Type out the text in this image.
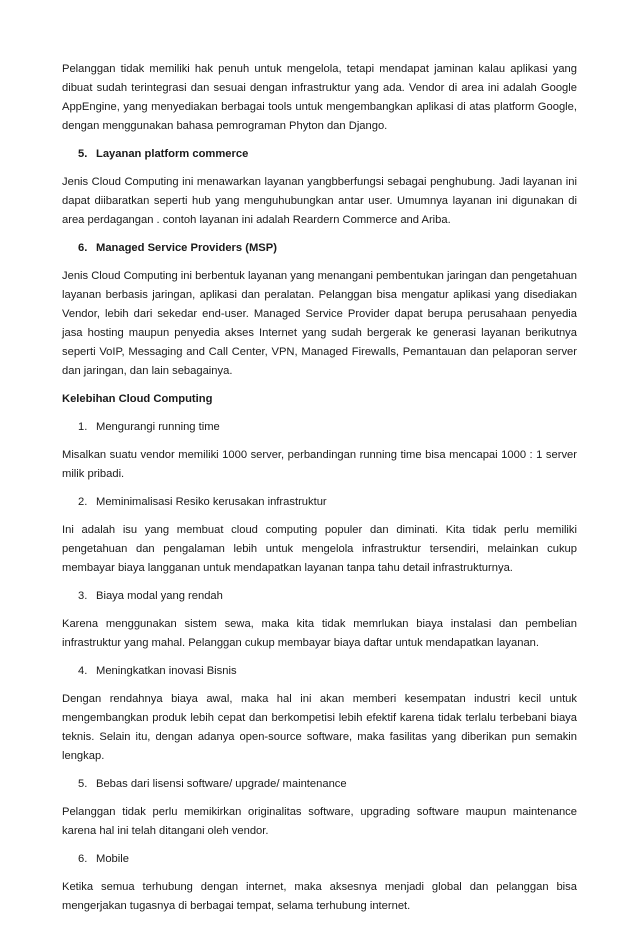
Pelanggan tidak memiliki hak penuh untuk mengelola, tetapi mendapat jaminan kalau aplikasi yang dibuat sudah terintegrasi dan sesuai dengan infrastruktur yang ada. Vendor di area ini adalah Google AppEngine, yang menyediakan berbagai tools untuk mengembangkan aplikasi di atas platform Google, dengan menggunakan bahasa pemrograman Phyton dan Django.

5. Layanan platform commerce

Jenis Cloud Computing ini menawarkan layanan yangbberfungsi sebagai penghubung. Jadi layanan ini dapat diibaratkan seperti hub yang menguhubungkan antar user. Umumnya layanan ini digunakan di area perdagangan . contoh layanan ini adalah Reardern Commerce and Ariba.

6. Managed Service Providers (MSP)

Jenis Cloud Computing ini berbentuk layanan yang menangani pembentukan jaringan dan pengetahuan layanan berbasis jaringan, aplikasi dan peralatan. Pelanggan bisa mengatur aplikasi yang disediakan Vendor, lebih dari sekedar end-user. Managed Service Provider dapat berupa perusahaan penyedia jasa hosting maupun penyedia akses Internet yang sudah bergerak ke generasi layanan berikutnya seperti VoIP, Messaging and Call Center, VPN, Managed Firewalls, Pemantauan dan pelaporan server dan jaringan, dan lain sebagainya.

Kelebihan Cloud Computing

1. Mengurangi running time

Misalkan suatu vendor memiliki 1000 server, perbandingan running time bisa mencapai 1000 : 1 server milik pribadi.

2. Meminimalisasi Resiko kerusakan infrastruktur

Ini adalah isu yang membuat cloud computing populer dan diminati. Kita tidak perlu memiliki pengetahuan dan pengalaman lebih untuk mengelola infrastruktur tersendiri, melainkan cukup membayar biaya langganan untuk mendapatkan layanan tanpa tahu detail infrastrukturnya.

3. Biaya modal yang rendah

Karena menggunakan sistem sewa, maka kita tidak memrlukan biaya instalasi dan pembelian infrastruktur yang mahal. Pelanggan cukup membayar biaya daftar untuk mendapatkan layanan.

4. Meningkatkan inovasi Bisnis

Dengan rendahnya biaya awal, maka hal ini akan memberi kesempatan industri kecil untuk mengembangkan produk lebih cepat dan berkompetisi lebih efektif karena tidak terlalu terbebani biaya teknis. Selain itu, dengan adanya open-source software, maka fasilitas yang diberikan pun semakin lengkap.

5. Bebas dari lisensi software/ upgrade/ maintenance

Pelanggan tidak perlu memikirkan originalitas software, upgrading software maupun maintenance karena hal ini telah ditangani oleh vendor.

6. Mobile

Ketika semua terhubung dengan internet, maka aksesnya menjadi global dan pelanggan bisa mengerjakan tugasnya di berbagai tempat, selama terhubung internet.
